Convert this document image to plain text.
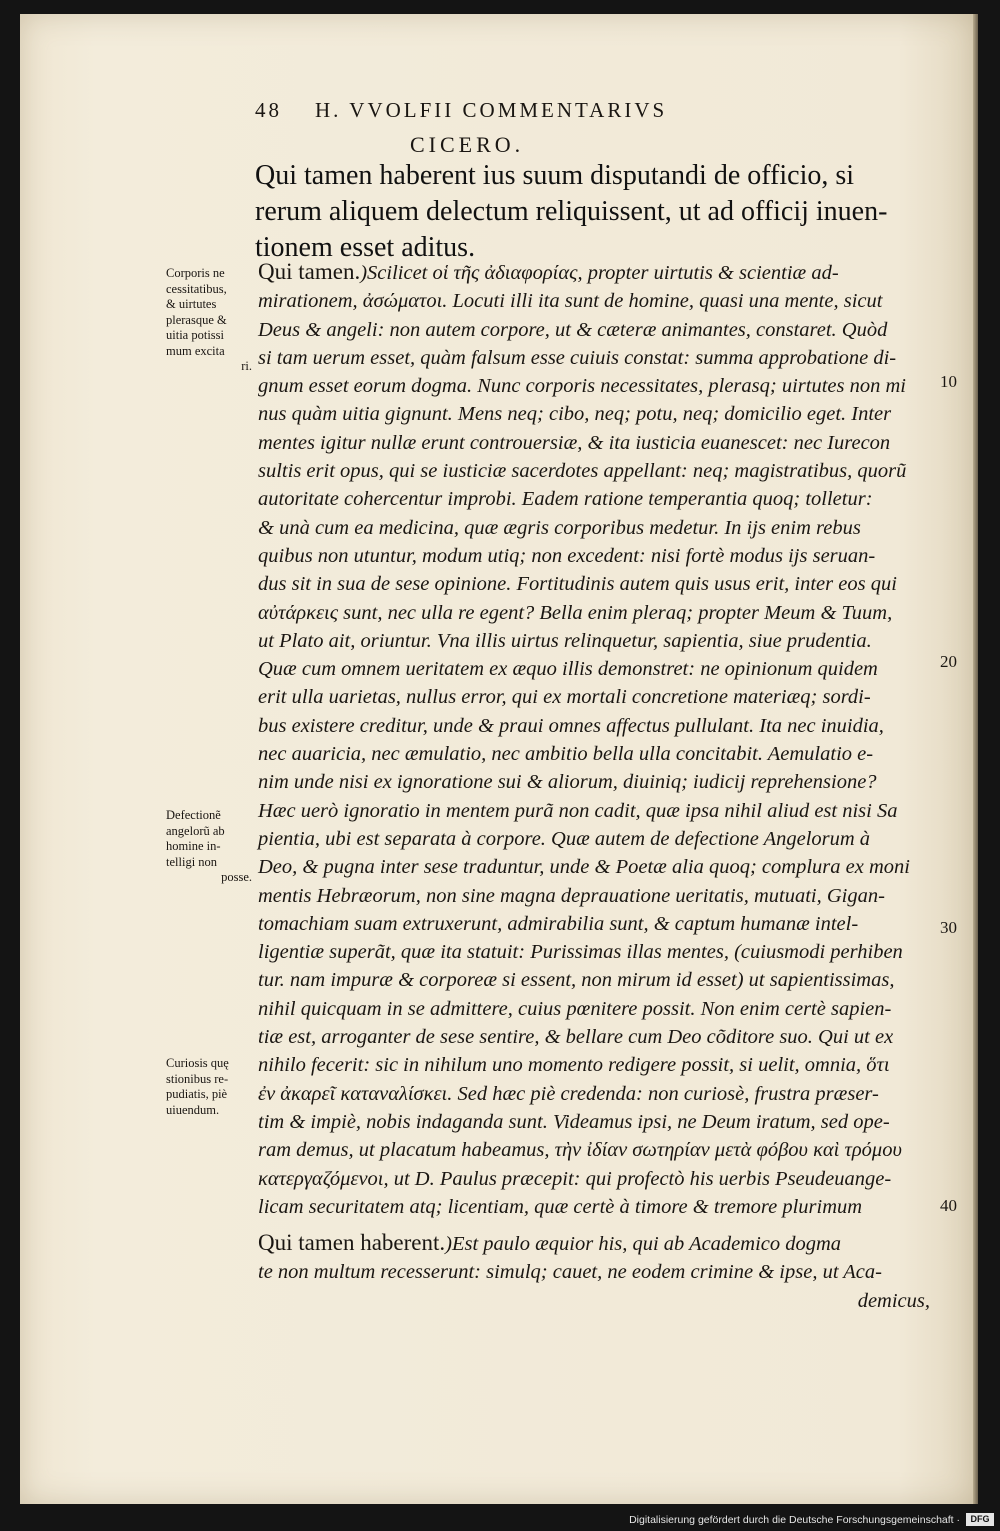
48 H. VVOLFII COMMENTARIVS
CICERO.

Qui tamen haberent ius suum disputandi de officio, si

rerum aliquem delectum reliquissent, ut ad officij inuen-

tionem esset aditus.

Qui tamen.)Scilicet οἱ τῆς ἀδιαφορίας, propter uirtutis & scientiæ ad-

mirationem, ἀσώματοι. Locuti illi ita sunt de homine, quasi una mente, sicut

Deus & angeli: non autem corpore, ut & cæteræ animantes, constaret. Quòd

si tam uerum esset, quàm falsum esse cuiuis constat: summa approbatione di-

gnum esset eorum dogma. Nunc corporis necessitates, plerasq; uirtutes non mi

nus quàm uitia gignunt. Mens neq; cibo, neq; potu, neq; domicilio eget. Inter

mentes igitur nullæ erunt controuersiæ, & ita iusticia euanescet: nec Iurecon

sultis erit opus, qui se iusticiæ sacerdotes appellant: neq; magistratibus, quorũ

autoritate cohercentur improbi. Eadem ratione temperantia quoq; tolletur:

& unà cum ea medicina, quæ ægris corporibus medetur. In ijs enim rebus

quibus non utuntur, modum utiq; non excedent: nisi fortè modus ijs seruan-

dus sit in sua de sese opinione. Fortitudinis autem quis usus erit, inter eos qui

αὐτάρκεις sunt, nec ulla re egent? Bella enim pleraq; propter Meum & Tuum,

ut Plato ait, oriuntur. Vna illis uirtus relinquetur, sapientia, siue prudentia.

Quæ cum omnem ueritatem ex æquo illis demonstret: ne opinionum quidem

erit ulla uarietas, nullus error, qui ex mortali concretione materiæq; sordi-

bus existere creditur, unde & praui omnes affectus pullulant. Ita nec inuidia,

nec auaricia, nec æmulatio, nec ambitio bella ulla concitabit. Aemulatio e-

nim unde nisi ex ignoratione sui & aliorum, diuiniq; iudicij reprehensione?

Hæc uerò ignoratio in mentem purã non cadit, quæ ipsa nihil aliud est nisi Sa

pientia, ubi est separata à corpore. Quæ autem de defectione Angelorum à

Deo, & pugna inter sese traduntur, unde & Poetæ alia quoq; complura ex moni

mentis Hebræorum, non sine magna deprauatione ueritatis, mutuati, Gigan-

tomachiam suam extruxerunt, admirabilia sunt, & captum humanæ intel-

ligentiæ superãt, quæ ita statuit: Purissimas illas mentes, (cuiusmodi perhiben

tur. nam impuræ & corporeæ si essent, non mirum id esset) ut sapientissimas,

nihil quicquam in se admittere, cuius pœnitere possit. Non enim certè sapien-

tiæ est, arroganter de sese sentire, & bellare cum Deo cõditore suo. Qui ut ex

nihilo fecerit: sic in nihilum uno momento redigere possit, si uelit, omnia, ὅτι

ἐν ἀκαρεῖ καταναλίσκει. Sed hæc piè credenda: non curiosè, frustra præser-

tim & impiè, nobis indaganda sunt. Videamus ipsi, ne Deum iratum, sed ope-

ram demus, ut placatum habeamus, τὴν ἰδίαν σωτηρίαν μετὰ φόβου καὶ τρόμου

κατεργαζόμενοι, ut D. Paulus præcepit: qui profectò his uerbis Pseudeuange-

licam securitatem atq; licentiam, quæ certè à timore & tremore plurimum

Qui tamen haberent.)Est paulo æquior his, qui ab Academico dogma

te non multum recesserunt: simulq; cauet, ne eodem crimine & ipse, ut Aca-

demicus,

Corporis ne

cessitatibus,

& uirtutes

plerasque &

uitia potissi

mum excita

ri.

Defectionẽ

angelorũ ab

homine in-

telligi non

posse.

Curiosis quę

stionibus re-

pudiatis, piè

uiuendum.

10
20
30
40
Digitalisierung gefördert durch die Deutsche Forschungsgemeinschaft ·	DFG
